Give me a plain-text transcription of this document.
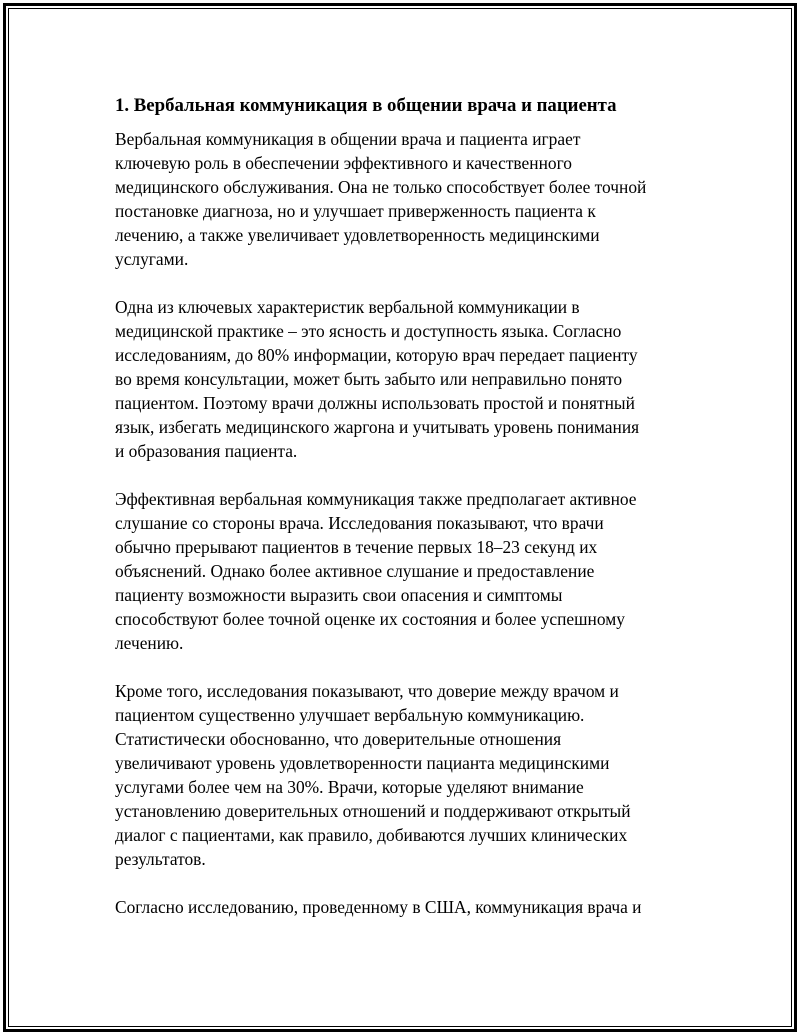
1. Вербальная коммуникация в общении врача и пациента

Вербальная коммуникация в общении врача и пациента играет
ключевую роль в обеспечении эффективного и качественного
медицинского обслуживания. Она не только способствует более точной
постановке диагноза, но и улучшает приверженность пациента к
лечению, а также увеличивает удовлетворенность медицинскими
услугами.

Одна из ключевых характеристик вербальной коммуникации в
медицинской практике – это ясность и доступность языка. Согласно
исследованиям, до 80% информации, которую врач передает пациенту
во время консультации, может быть забыто или неправильно понято
пациентом. Поэтому врачи должны использовать простой и понятный
язык, избегать медицинского жаргона и учитывать уровень понимания
и образования пациента.

Эффективная вербальная коммуникация также предполагает активное
слушание со стороны врача. Исследования показывают, что врачи
обычно прерывают пациентов в течение первых 18–23 секунд их
объяснений. Однако более активное слушание и предоставление
пациенту возможности выразить свои опасения и симптомы
способствуют более точной оценке их состояния и более успешному
лечению.

Кроме того, исследования показывают, что доверие между врачом и
пациентом существенно улучшает вербальную коммуникацию.
Статистически обоснованно, что доверительные отношения
увеличивают уровень удовлетворенности пацианта медицинскими
услугами более чем на 30%. Врачи, которые уделяют внимание
установлению доверительных отношений и поддерживают открытый
диалог с пациентами, как правило, добиваются лучших клинических
результатов.

Согласно исследованию, проведенному в США, коммуникация врача и
